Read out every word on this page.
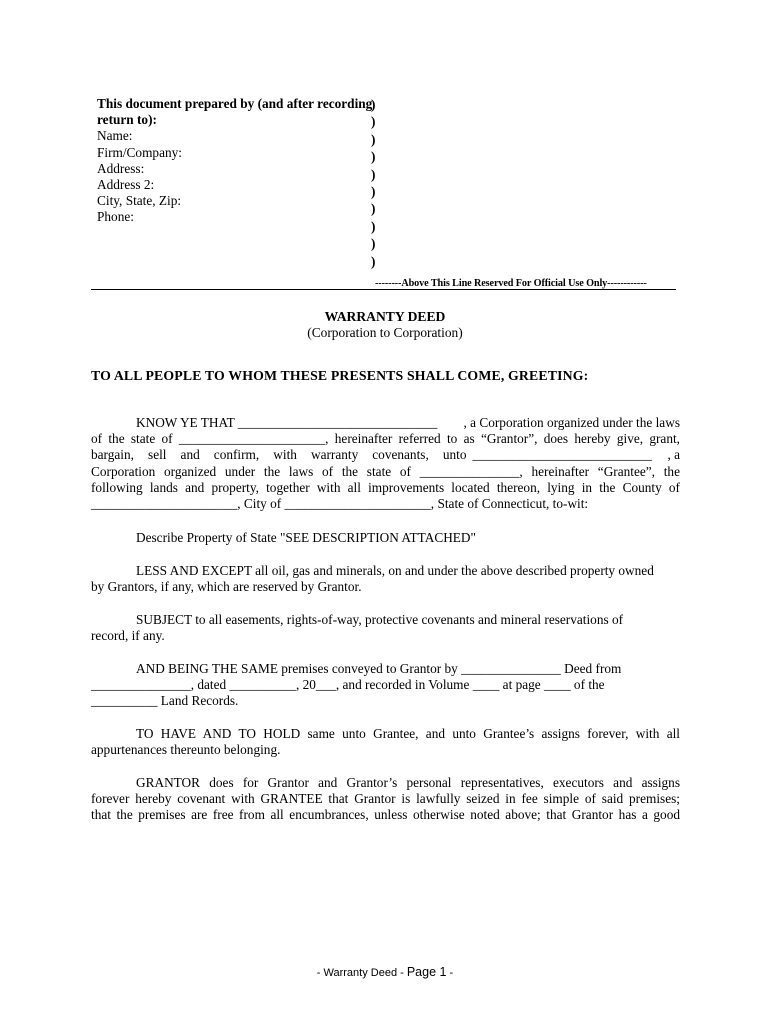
This document prepared by (and after recording
return to):
Name:
Firm/Company:
Address:
Address 2:
City, State, Zip:
Phone:
)
)
)
)
)
)
)
)
)
)
--------Above This Line Reserved For Official Use Only------------
WARRANTY DEED
(Corporation to Corporation)
TO ALL PEOPLE TO WHOM THESE PRESENTS SHALL COME, GREETING:
KNOW YE THAT ______________________________ , a Corporation organized under the laws
of the state of ______________________, hereinafter referred to as “Grantor”, does hereby give, grant,
bargain, sell and confirm, with warranty covenants, unto ___________________________	, a
Corporation organized under the laws of the state of _______________, hereinafter “Grantee”, the
following lands and property, together with all improvements located thereon, lying in the County of
______________________, City of ______________________, State of Connecticut, to-wit:
Describe Property of State "SEE DESCRIPTION ATTACHED"
LESS AND EXCEPT all oil, gas and minerals, on and under the above described property owned
by Grantors, if any, which are reserved by Grantor.
SUBJECT to all easements, rights-of-way, protective covenants and mineral reservations of
record, if any.
AND BEING THE SAME premises conveyed to Grantor by _______________ Deed from
_______________, dated __________, 20___, and recorded in Volume ____ at page ____ of the
__________ Land Records.
TO HAVE AND TO HOLD same unto Grantee, and unto Grantee’s assigns forever, with all
appurtenances thereunto belonging.
GRANTOR does for Grantor and Grantor’s personal representatives, executors and assigns
forever hereby covenant with GRANTEE that Grantor is lawfully seized in fee simple of said premises;
that the premises are free from all encumbrances, unless otherwise noted above; that Grantor has a good
- Warranty Deed - Page 1 -
